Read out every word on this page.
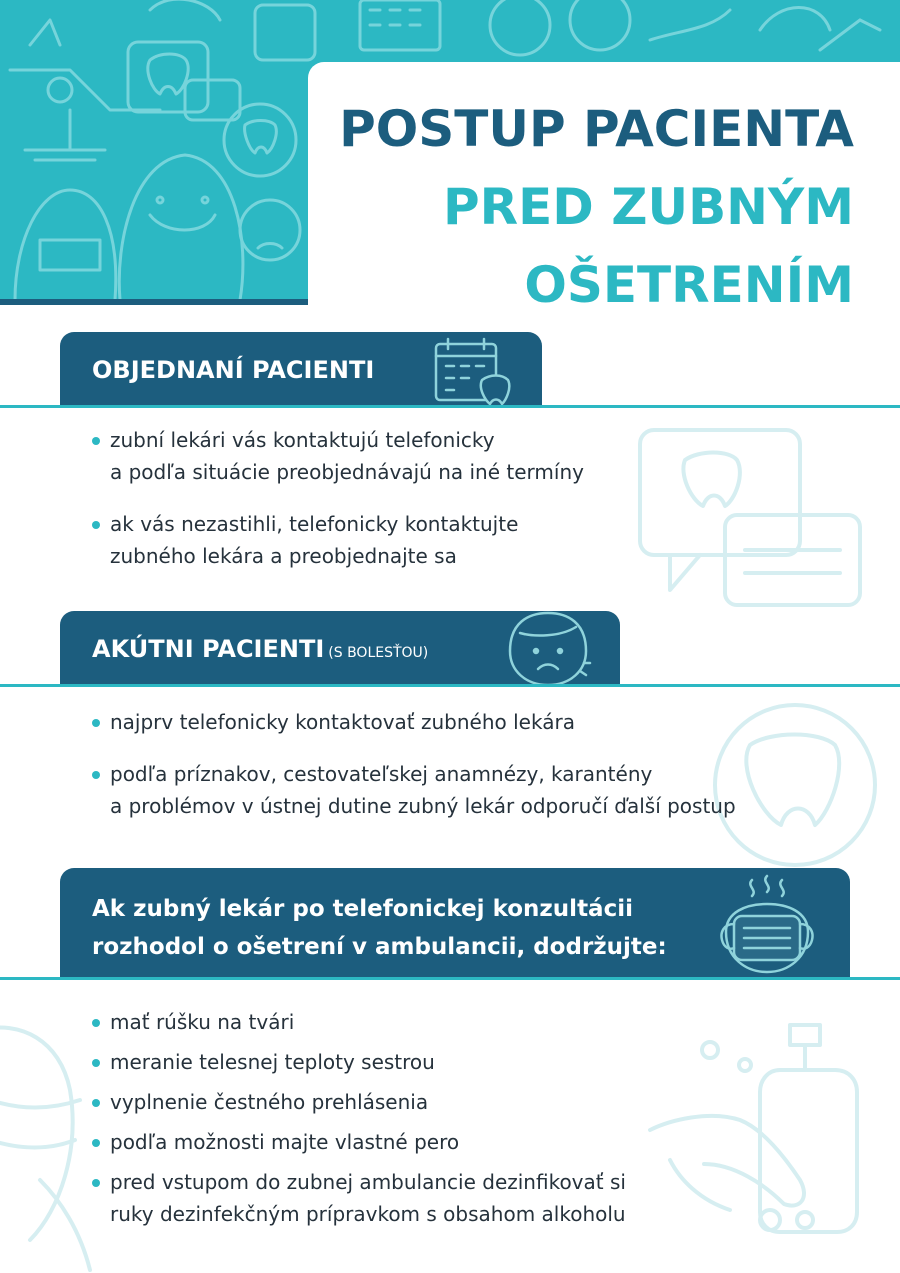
POSTUP PACIENTA
PRED ZUBNÝM
OŠETRENÍM
OBJEDNANÍ PACIENTI
zubní lekári vás kontaktujú telefonicky
a podľa situácie preobjednávajú na iné termíny
ak vás nezastihli, telefonicky kontaktujte
zubného lekára a preobjednajte sa
AKÚTNI PACIENTI (S BOLESŤOU)
najprv telefonicky kontaktovať zubného lekára
podľa príznakov, cestovateľskej anamnézy, karantény
a problémov v ústnej dutine zubný lekár odporučí ďalší postup
Ak zubný lekár po telefonickej konzultácii
rozhodol o ošetrení v ambulancii, dodržujte:
mať rúšku na tvári
meranie telesnej teploty sestrou
vyplnenie čestného prehlásenia
podľa možnosti majte vlastné pero
pred vstupom do zubnej ambulancie dezinfikovať si
ruky dezinfekčným prípravkom s obsahom alkoholu
